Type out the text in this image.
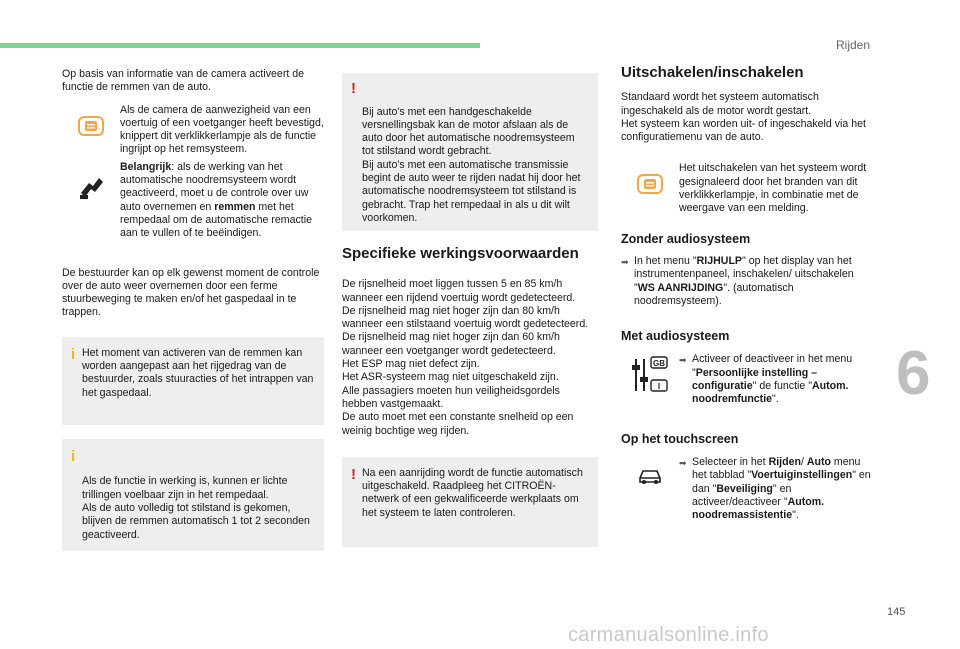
Rijden

Op basis van informatie van de camera activeert de functie de remmen van de auto.

Als de camera de aanwezigheid van een voertuig of een voetganger heeft bevestigd, knippert dit verklikkerlampje als de functie ingrijpt op het remsysteem.

Belangrijk: als de werking van het automatische noodremsysteem wordt geactiveerd, moet u de controle over uw auto overnemen en remmen met het rempedaal om de automatische remactie aan te vullen of te beëindigen.

De bestuurder kan op elk gewenst moment de controle over de auto weer overnemen door een ferme stuurbeweging te maken en/of het gaspedaal in te trappen.

i Het moment van activeren van de remmen kan worden aangepast aan het rijgedrag van de bestuurder, zoals stuuracties of het intrappen van het gaspedaal.

i

Als de functie in werking is, kunnen er lichte trillingen voelbaar zijn in het rempedaal.
Als de auto volledig tot stilstand is gekomen, blijven de remmen automatisch 1 tot 2 seconden geactiveerd.

!

Bij auto's met een handgeschakelde versnellingsbak kan de motor afslaan als de auto door het automatische noodremsysteem tot stilstand wordt gebracht.
Bij auto's met een automatische transmissie begint de auto weer te rijden nadat hij door het automatische noodremsysteem tot stilstand is gebracht. Trap het rempedaal in als u dit wilt voorkomen.

Specifieke werkingsvoorwaarden

De rijsnelheid moet liggen tussen 5 en 85 km/h wanneer een rijdend voertuig wordt gedetecteerd.
De rijsnelheid mag niet hoger zijn dan 80 km/h wanneer een stilstaand voertuig wordt gedetecteerd.
De rijsnelheid mag niet hoger zijn dan 60 km/h wanneer een voetganger wordt gedetecteerd.
Het ESP mag niet defect zijn.
Het ASR-systeem mag niet uitgeschakeld zijn.
Alle passagiers moeten hun veiligheidsgordels hebben vastgemaakt.
De auto moet met een constante snelheid op een weinig bochtige weg rijden.

! Na een aanrijding wordt de functie automatisch uitgeschakeld. Raadpleeg het CITROËN-netwerk of een gekwalificeerde werkplaats om het systeem te laten controleren.

Uitschakelen/inschakelen

Standaard wordt het systeem automatisch ingeschakeld als de motor wordt gestart.
Het systeem kan worden uit- of ingeschakeld via het configuratiemenu van de auto.

Het uitschakelen van het systeem wordt gesignaleerd door het branden van dit verklikkerlampje, in combinatie met de weergave van een melding.

Zonder audiosysteem
➡ In het menu "RIJHULP" op het display van het instrumentenpaneel, inschakelen/ uitschakelen "WS AANRIJDING". (automatisch noodremsysteem).

Met audiosysteem
GB
I
➡ Activeer of deactiveer in het menu "Persoonlijke instelling – configuratie" de functie "Autom. noodremfunctie".

Op het touchscreen
➡ Selecteer in het Rijden/ Auto menu het tabblad "Voertuiginstellingen" en dan "Beveiliging" en activeer/deactiveer "Autom. noodremassistentie".

6
145
carmanualsonline.info
